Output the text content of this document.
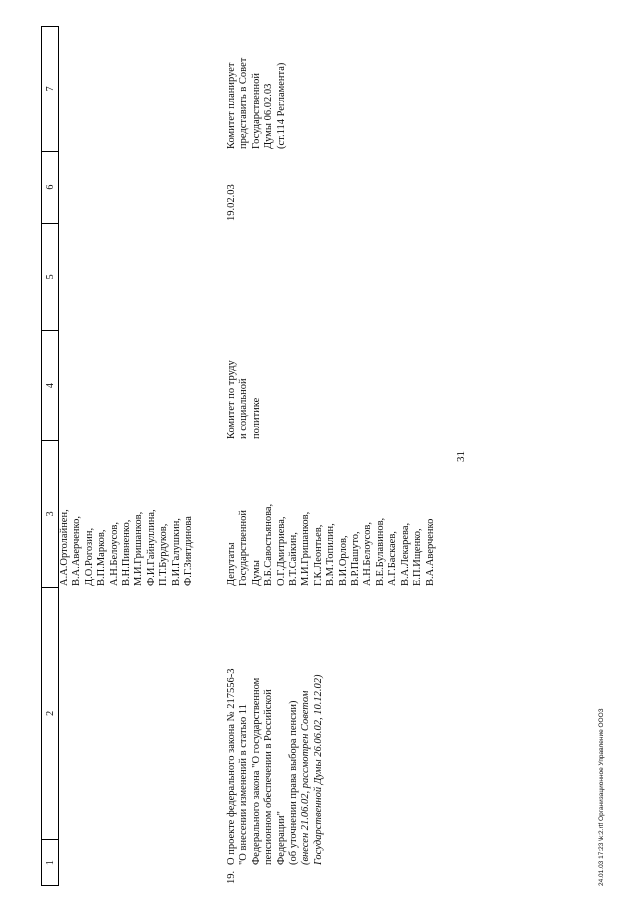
31
1
2
3
4
5
6
7
А.А.Ортолайнен, В.А.Аверченко, Д.О.Рогозин, В.П.Марков, А.Н.Белоусов, В.Н.Пивненко, М.И.Гришанков, Ф.И.Гайнуллина, П.Т.Бурдуков, В.И.Галушкин, Ф.Г.Зиятдинова
19.
О проекте федерального закона № 217556-3 "О внесении изменений в статью 11 Федерального закона "О государственном пенсионном обеспечении в Российской Федерации" (об уточнении права выбора пенсии) (внесен 21.06.02, рассмотрен Советом Государственной Думы 26.06.02, 10.12.02)
Депутаты Государственной Думы В.Б.Савостьянова, О.Г.Дмитриева, В.Т.Сайкин, М.И.Гришанков, Г.К.Леонтьев, В.М.Топилин, В.И.Орлов, В.Р.Пашуто, А.Н.Белоусов, В.Е.Булавинов, А.Г.Баскаев, В.А.Лекарева, Е.П.Ищенко, В.А.Аверченко
Комитет по труду и социальной политике
19.02.03
Комитет планирует представить в Совет Государственной Думы 06.02.03 (ст.114 Регламента)
24.01.03 17:23 \k:2.rtf Организационное Управление ОООЗ
